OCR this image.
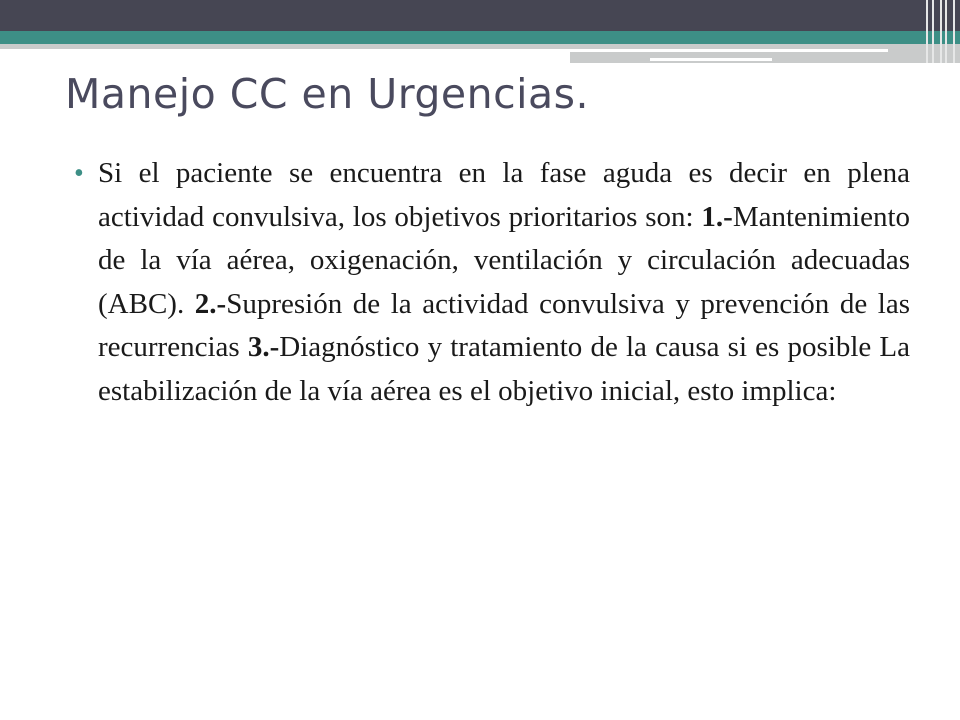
Manejo CC en Urgencias.
• Si el paciente se encuentra en la fase aguda es decir en plena actividad convulsiva, los objetivos prioritarios son: 1.-Mantenimiento de la vía aérea, oxigenación, ventilación y circulación adecuadas (ABC). 2.-Supresión de la actividad convulsiva y prevención de las recurrencias 3.-Diagnóstico y tratamiento de la causa si es posible La estabilización de la vía aérea es el objetivo inicial, esto implica:
